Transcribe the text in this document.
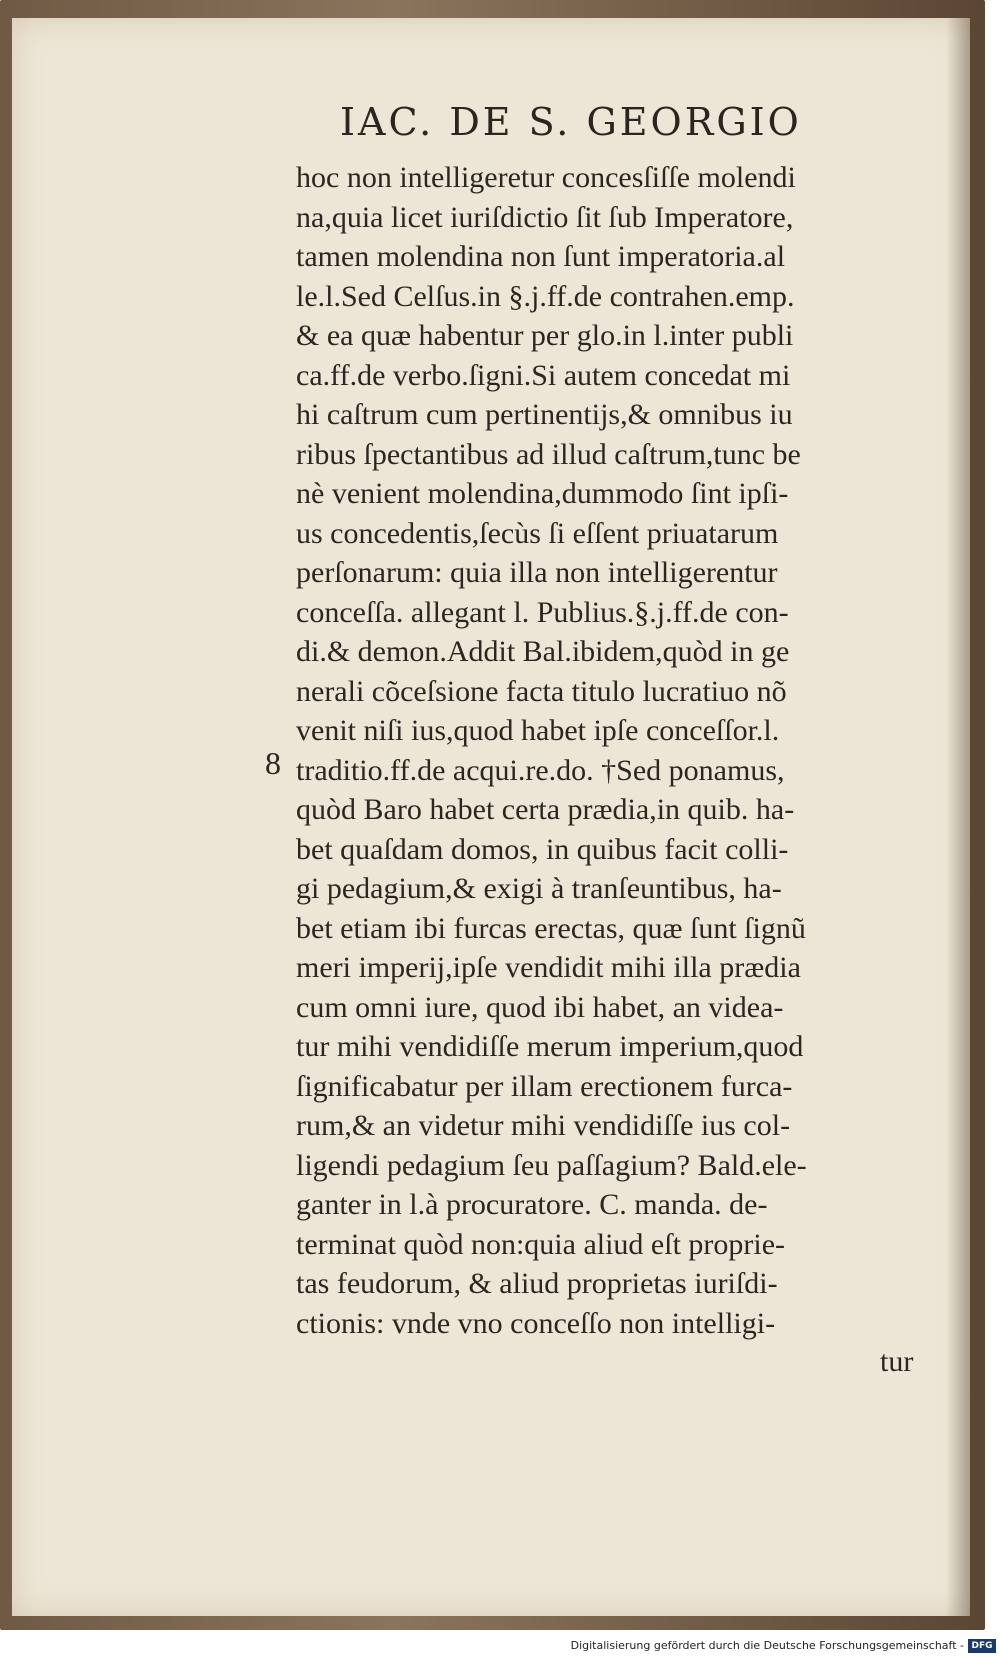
IAC. DE S. GEORGIO
8
hoc non intelligeretur concesſiſſe molendi
na,quia licet iuriſdictio ſit ſub Imperatore,
tamen molendina non ſunt imperatoria.al
le.l.Sed Celſus.in §.j.ff.de contrahen.emp.
& ea quæ habentur per glo.in l.inter publi
ca.ff.de verbo.ſigni.Si autem concedat mi
hi caſtrum cum pertinentijs,& omnibus iu
ribus ſpectantibus ad illud caſtrum,tunc be
nè venient molendina,dummodo ſint ipſi-
us concedentis,ſecùs ſi eſſent priuatarum
perſonarum: quia illa non intelligerentur
conceſſa. allegant l. Publius.§.j.ff.de con-
di.& demon.Addit Bal.ibidem,quòd in ge
nerali cõceſsione facta titulo lucratiuo nõ
venit niſi ius,quod habet ipſe conceſſor.l.
traditio.ff.de acqui.re.do. †Sed ponamus,
quòd Baro habet certa prædia,in quib. ha-
bet quaſdam domos, in quibus facit colli-
gi pedagium,& exigi à tranſeuntibus, ha-
bet etiam ibi furcas erectas, quæ ſunt ſignũ
meri imperij,ipſe vendidit mihi illa prædia
cum omni iure, quod ibi habet, an videa-
tur mihi vendidiſſe merum imperium,quod
ſignificabatur per illam erectionem furca-
rum,& an videtur mihi vendidiſſe ius col-
ligendi pedagium ſeu paſſagium? Bald.ele-
ganter in l.à procuratore. C. manda. de-
terminat quòd non:quia aliud eſt proprie-
tas feudorum, & aliud proprietas iuriſdi-
ctionis: vnde vno conceſſo non intelligi-
tur
Digitalisierung gefördert durch die Deutsche Forschungsgemeinschaft - DFG
